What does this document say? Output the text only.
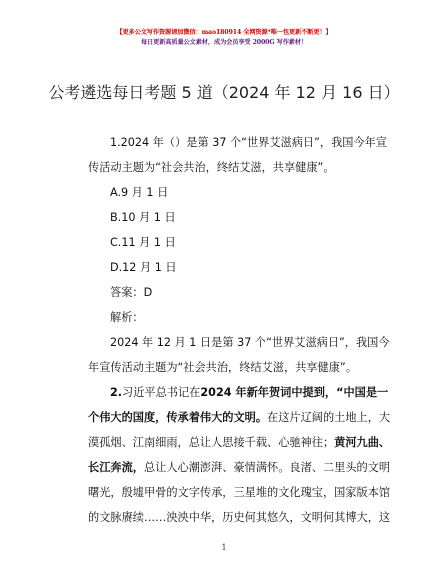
【更多公文写作资源请加微信：mao180914 全网资源*唯一包更新不断更！】
每日更新高质量公文素材，成为会员享受 2000G 写作素材！
公考遴选每日考题 5 道（2024 年 12 月 16 日）

1.2024 年（）是第 37 个“世界艾滋病日”，我国今年宣传活动主题为“社会共治，终结艾滋，共享健康”。

A.9 月 1 日

B.10 月 1 日

C.11 月 1 日

D.12 月 1 日

答案：D

解析：

2024 年 12 月 1 日是第 37 个“世界艾滋病日”，我国今年宣传活动主题为“社会共治，终结艾滋，共享健康”。

2.习近平总书记在2024 年新年贺词中提到，“中国是一个伟大的国度，传承着伟大的文明。在这片辽阔的土地上，大漠孤烟、江南细雨，总让人思接千载、心驰神往；黄河九曲、长江奔流，总让人心潮澎湃、豪情满怀。良渚、二里头的文明曙光，殷墟甲骨的文字传承，三星堆的文化瑰宝，国家版本馆的文脉赓续……泱泱中华，历史何其悠久，文明何其博大，这

1
